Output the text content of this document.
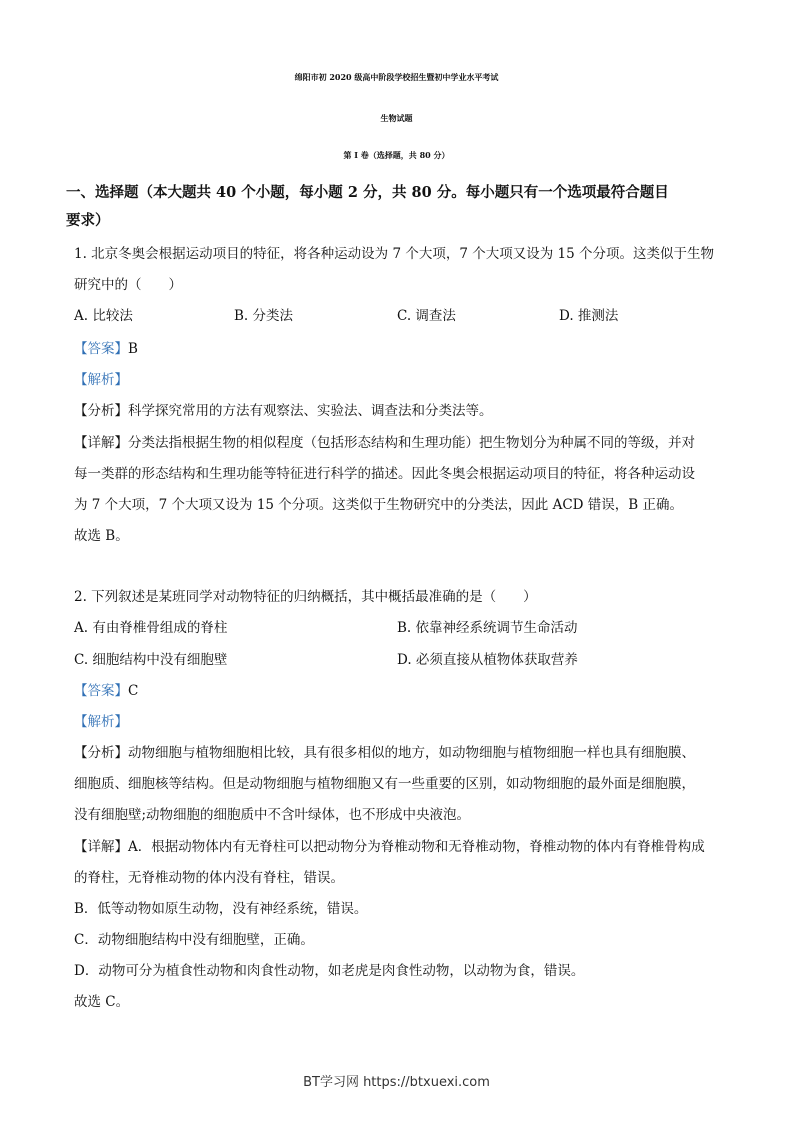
绵阳市初 2020 级高中阶段学校招生暨初中学业水平考试
生物试题
第 I 卷（选择题，共 80 分）
一、选择题（本大题共 40 个小题，每小题 2 分，共 80 分。每小题只有一个选项最符合题目
要求）
1. 北京冬奥会根据运动项目的特征，将各种运动设为 7 个大项，7 个大项又设为 15 个分项。这类似于生物
研究中的（　　）
A. 比较法	B. 分类法	C. 调查法	D. 推测法
【答案】B
【解析】
【分析】科学探究常用的方法有观察法、实验法、调查法和分类法等。
【详解】分类法指根据生物的相似程度（包括形态结构和生理功能）把生物划分为种属不同的等级，并对
每一类群的形态结构和生理功能等特征进行科学的描述。因此冬奥会根据运动项目的特征，将各种运动设
为 7 个大项，7 个大项又设为 15 个分项。这类似于生物研究中的分类法，因此 ACD 错误，B 正确。
故选 B。
2. 下列叙述是某班同学对动物特征的归纳概括，其中概括最准确的是（　　）
A. 有由脊椎骨组成的脊柱	B. 依靠神经系统调节生命活动
C. 细胞结构中没有细胞壁	D. 必须直接从植物体获取营养
【答案】C
【解析】
【分析】动物细胞与植物细胞相比较，具有很多相似的地方，如动物细胞与植物细胞一样也具有细胞膜、
细胞质、细胞核等结构。但是动物细胞与植物细胞又有一些重要的区别，如动物细胞的最外面是细胞膜，
没有细胞壁;动物细胞的细胞质中不含叶绿体，也不形成中央液泡。
【详解】A．根据动物体内有无脊柱可以把动物分为脊椎动物和无脊椎动物，脊椎动物的体内有脊椎骨构成
的脊柱，无脊椎动物的体内没有脊柱，错误。
B．低等动物如原生动物，没有神经系统，错误。
C．动物细胞结构中没有细胞壁，正确。
D．动物可分为植食性动物和肉食性动物，如老虎是肉食性动物，以动物为食，错误。
故选 C。
BT学习网 https://btxuexi.com
